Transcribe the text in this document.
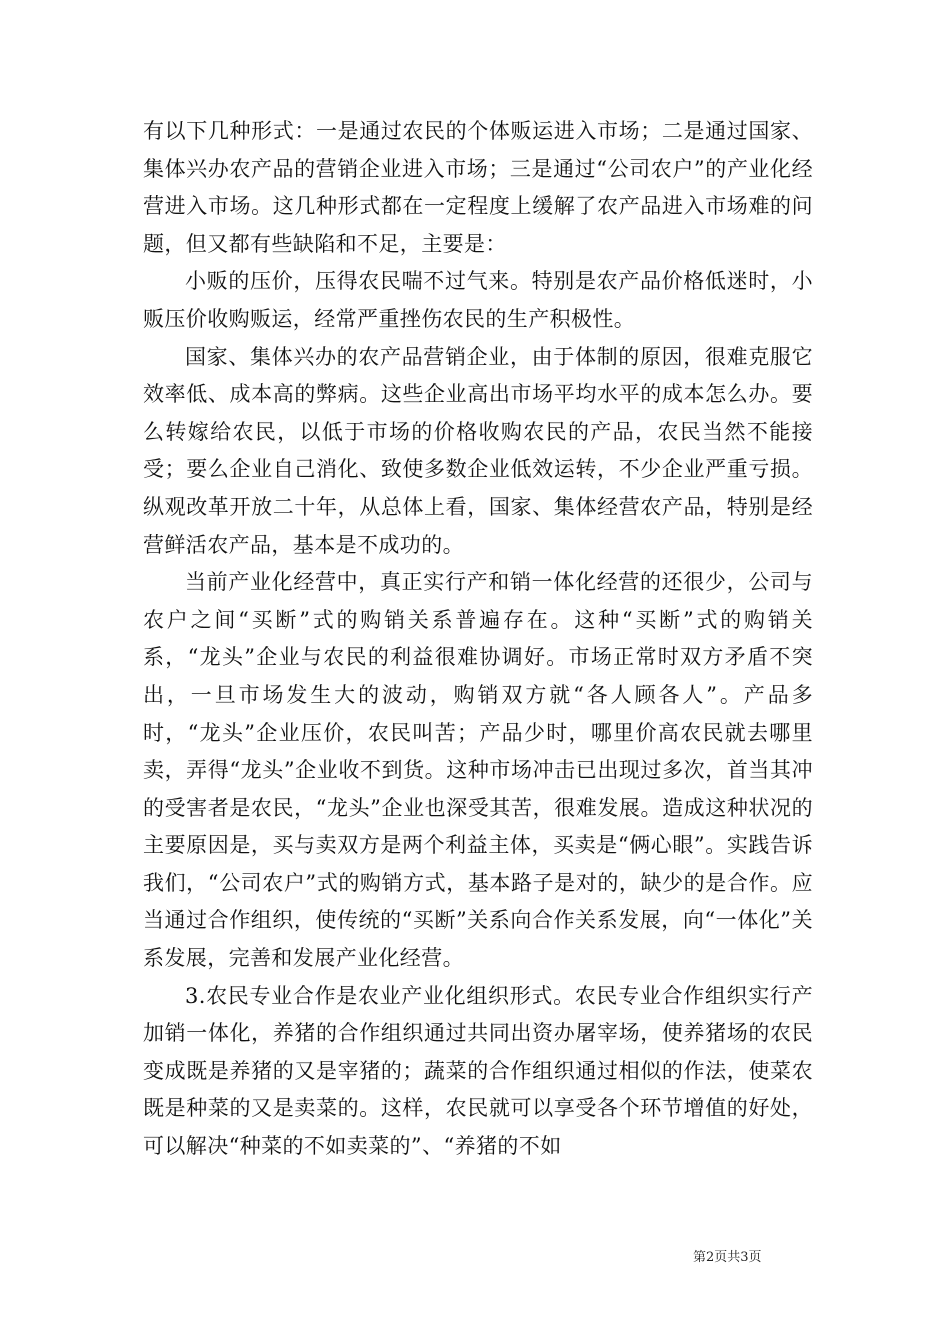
有以下几种形式：一是通过农民的个体贩运进入市场；二是通过国家、集体兴办农产品的营销企业进入市场；三是通过“公司农户”的产业化经营进入市场。这几种形式都在一定程度上缓解了农产品进入市场难的问题，但又都有些缺陷和不足，主要是：

小贩的压价，压得农民喘不过气来。特别是农产品价格低迷时，小贩压价收购贩运，经常严重挫伤农民的生产积极性。

国家、集体兴办的农产品营销企业，由于体制的原因，很难克服它效率低、成本高的弊病。这些企业高出市场平均水平的成本怎么办。要么转嫁给农民，以低于市场的价格收购农民的产品，农民当然不能接受；要么企业自己消化、致使多数企业低效运转，不少企业严重亏损。纵观改革开放二十年，从总体上看，国家、集体经营农产品，特别是经营鲜活农产品，基本是不成功的。

当前产业化经营中，真正实行产和销一体化经营的还很少，公司与农户之间“买断”式的购销关系普遍存在。这种“买断”式的购销关系，“龙头”企业与农民的利益很难协调好。市场正常时双方矛盾不突出，一旦市场发生大的波动，购销双方就“各人顾各人”。产品多时，“龙头”企业压价，农民叫苦；产品少时，哪里价高农民就去哪里卖，弄得“龙头”企业收不到货。这种市场冲击已出现过多次，首当其冲的受害者是农民，“龙头”企业也深受其苦，很难发展。造成这种状况的主要原因是，买与卖双方是两个利益主体，买卖是“俩心眼”。实践告诉我们，“公司农户”式的购销方式，基本路子是对的，缺少的是合作。应当通过合作组织，使传统的“买断”关系向合作关系发展，向“一体化”关系发展，完善和发展产业化经营。

3.农民专业合作是农业产业化组织形式。农民专业合作组织实行产加销一体化，养猪的合作组织通过共同出资办屠宰场，使养猪场的农民变成既是养猪的又是宰猪的；蔬菜的合作组织通过相似的作法，使菜农既是种菜的又是卖菜的。这样，农民就可以享受各个环节增值的好处，可以解决“种菜的不如卖菜的”、“养猪的不如

第2页共3页
